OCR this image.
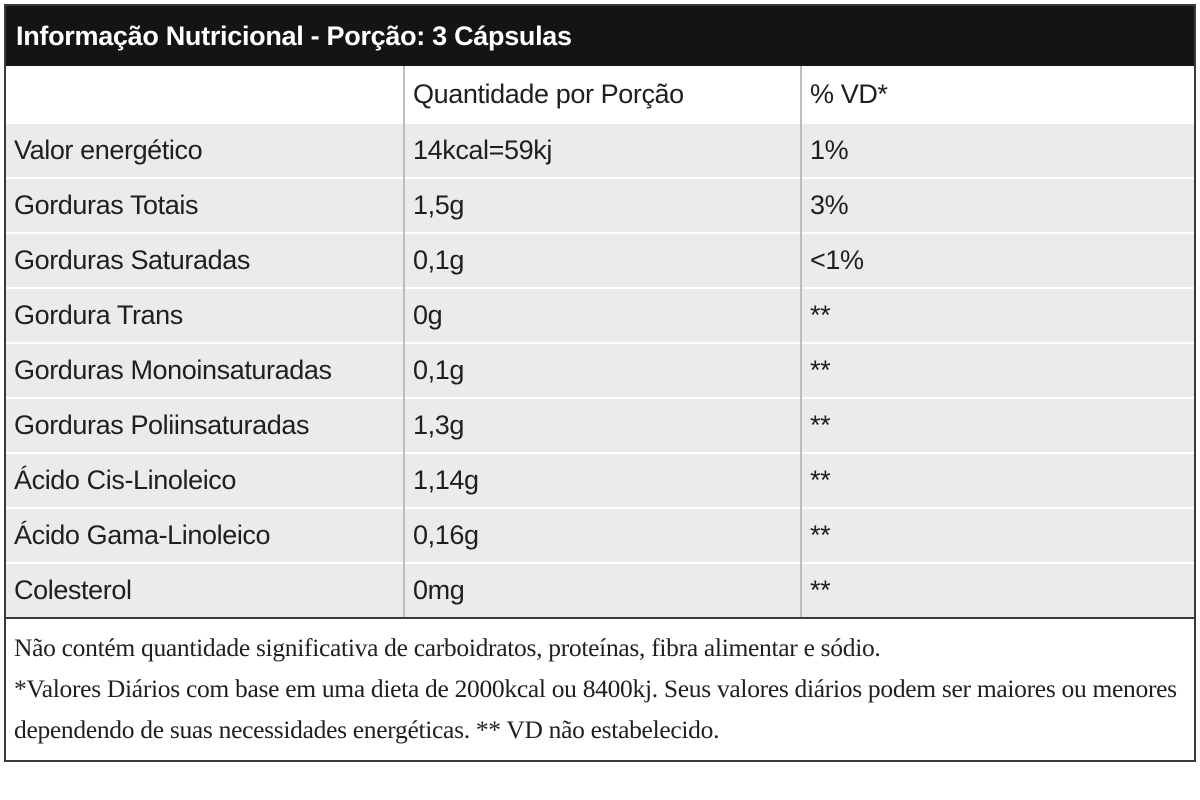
Informação Nutricional - Porção: 3 Cápsulas
	Quantidade por Porção	% VD*
Valor energético	14kcal=59kj	1%
Gorduras Totais	1,5g	3%
Gorduras Saturadas	0,1g	<1%
Gordura Trans	0g	**
Gorduras Monoinsaturadas	0,1g	**
Gorduras Poliinsaturadas	1,3g	**
Ácido Cis-Linoleico	1,14g	**
Ácido Gama-Linoleico	0,16g	**
Colesterol	0mg	**

Não contém quantidade significativa de carboidratos, proteínas, fibra alimentar e sódio.

*Valores Diários com base em uma dieta de 2000kcal ou 8400kj. Seus valores diários podem ser maiores ou menores dependendo de suas necessidades energéticas. ** VD não estabelecido.
